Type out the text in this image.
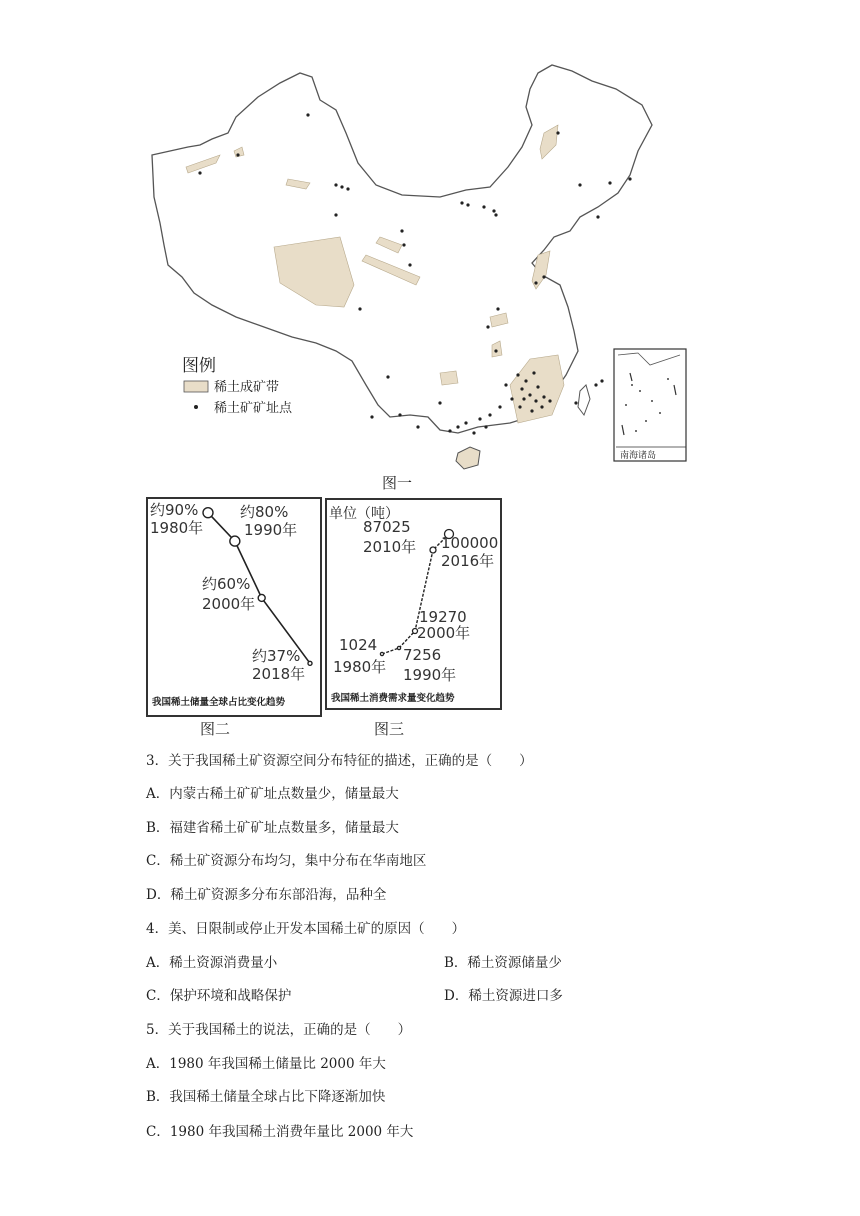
图例
稀土成矿带
稀土矿矿址点
南海诸岛
图一
约90%
1980年
约80%
1990年
约60%
2000年
约37%
2018年
我国稀土储量全球占比变化趋势
图二
单位（吨）
1024
1980年
7256
1990年
19270
2000年
87025
2010年 100000
2016年
我国稀土消费需求量变化趋势
图三
3．关于我国稀土矿资源空间分布特征的描述，正确的是（　　）
A．内蒙古稀土矿矿址点数量少，储量最大
B．福建省稀土矿矿址点数量多，储量最大
C．稀土矿资源分布均匀，集中分布在华南地区
D．稀土矿资源多分布东部沿海，品种全
4．美、日限制或停止开发本国稀土矿的原因（　　）
A．稀土资源消费量小	B．稀土资源储量少
C．保护环境和战略保护	D．稀土资源进口多
5．关于我国稀土的说法，正确的是（　　）
A．1980 年我国稀土储量比 2000 年大
B．我国稀土储量全球占比下降逐渐加快
C．1980 年我国稀土消费年量比 2000 年大
